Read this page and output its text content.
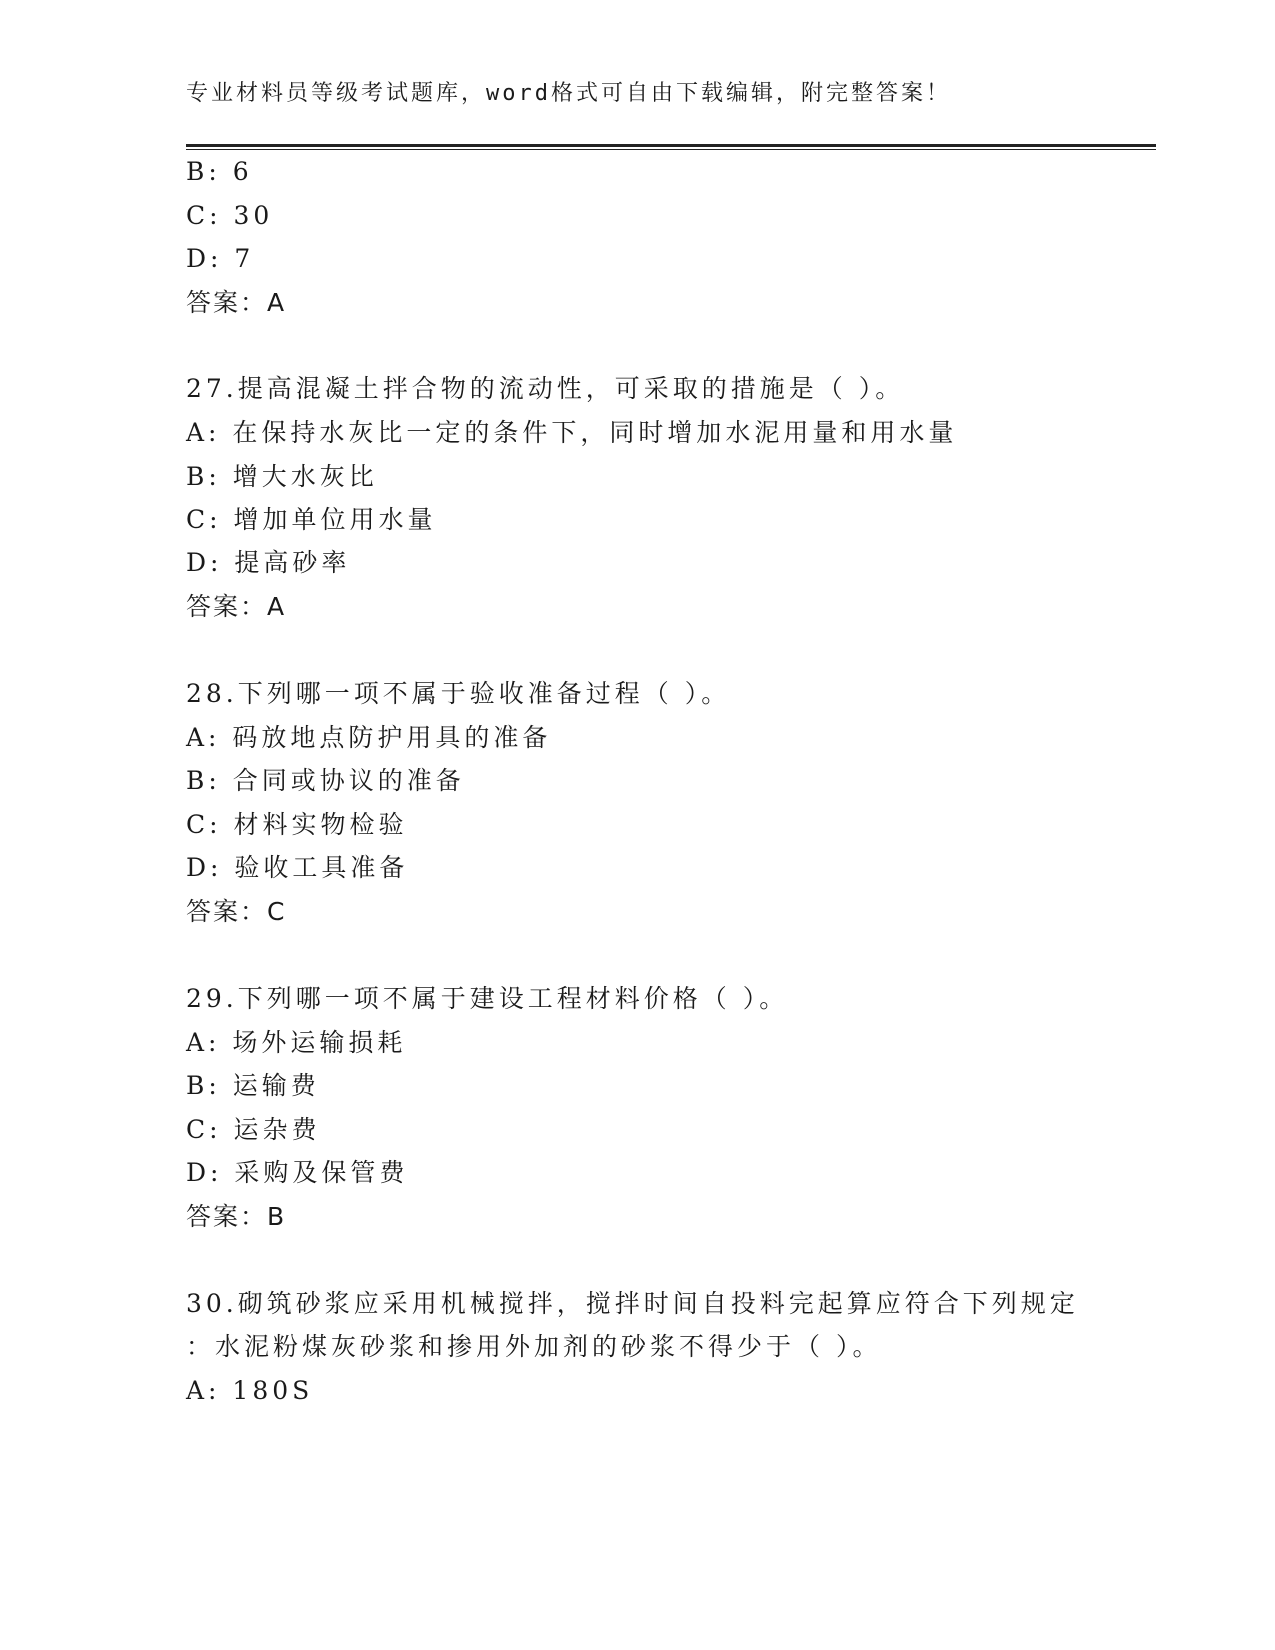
专业材料员等级考试题库，word格式可自由下载编辑，附完整答案！
B: 6
C: 30
D: 7
答案：A
27.提高混凝土拌合物的流动性，可采取的措施是（ ）。
A: 在保持水灰比一定的条件下，同时增加水泥用量和用水量
B: 增大水灰比
C: 增加单位用水量
D: 提高砂率
答案：A
28.下列哪一项不属于验收准备过程（ ）。
A: 码放地点防护用具的准备
B: 合同或协议的准备
C: 材料实物检验
D: 验收工具准备
答案：C
29.下列哪一项不属于建设工程材料价格（ ）。
A: 场外运输损耗
B: 运输费
C: 运杂费
D: 采购及保管费
答案：B
30.砌筑砂浆应采用机械搅拌，搅拌时间自投料完起算应符合下列规定
：水泥粉煤灰砂浆和掺用外加剂的砂浆不得少于（ ）。
A: 180S
